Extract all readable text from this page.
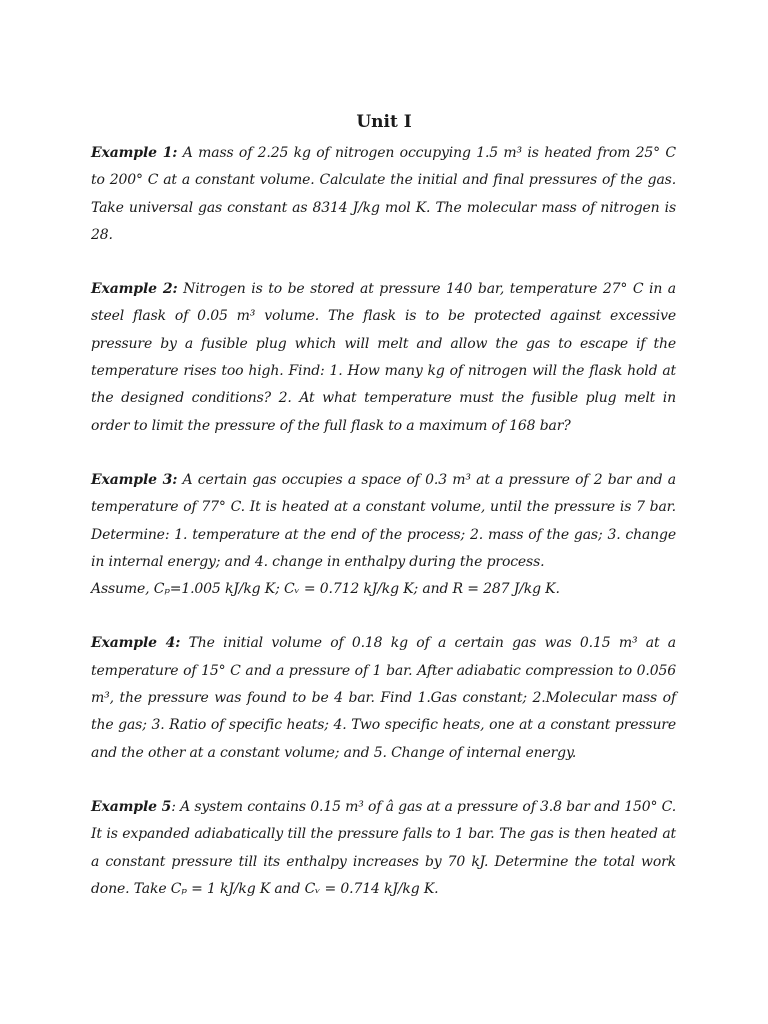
Unit I

Example 1: A mass of 2.25 kg of nitrogen occupying 1.5 m³ is heated from 25° C to 200° C at a constant volume. Calculate the initial and final pressures of the gas. Take universal gas constant as 8314 J/kg mol K. The molecular mass of nitrogen is 28.

Example 2: Nitrogen is to be stored at pressure 140 bar, temperature 27° C in a steel flask of 0.05 m³ volume. The flask is to be protected against excessive pressure by a fusible plug which will melt and allow the gas to escape if the temperature rises too high. Find: 1. How many kg of nitrogen will the flask hold at the designed conditions? 2. At what temperature must the fusible plug melt in order to limit the pressure of the full flask to a maximum of 168 bar?

Example 3: A certain gas occupies a space of 0.3 m³ at a pressure of 2 bar and a temperature of 77° C. It is heated at a constant volume, until the pressure is 7 bar. Determine: 1. temperature at the end of the process; 2. mass of the gas; 3. change in internal energy; and 4. change in enthalpy during the process.
Assume, Cₚ=1.005 kJ/kg K; Cᵥ = 0.712 kJ/kg K; and R = 287 J/kg K.

Example 4: The initial volume of 0.18 kg of a certain gas was 0.15 m³ at a temperature of 15° C and a pressure of 1 bar. After adiabatic compression to 0.056 m³, the pressure was found to be 4 bar. Find 1.Gas constant; 2.Molecular mass of the gas; 3. Ratio of specific heats; 4. Two specific heats, one at a constant pressure and the other at a constant volume; and 5. Change of internal energy.

Example 5: A system contains 0.15 m³ of â gas at a pressure of 3.8 bar and 150° C. It is expanded adiabatically till the pressure falls to 1 bar. The gas is then heated at a constant pressure till its enthalpy increases by 70 kJ. Determine the total work done. Take Cₚ = 1 kJ/kg K and Cᵥ = 0.714 kJ/kg K.
